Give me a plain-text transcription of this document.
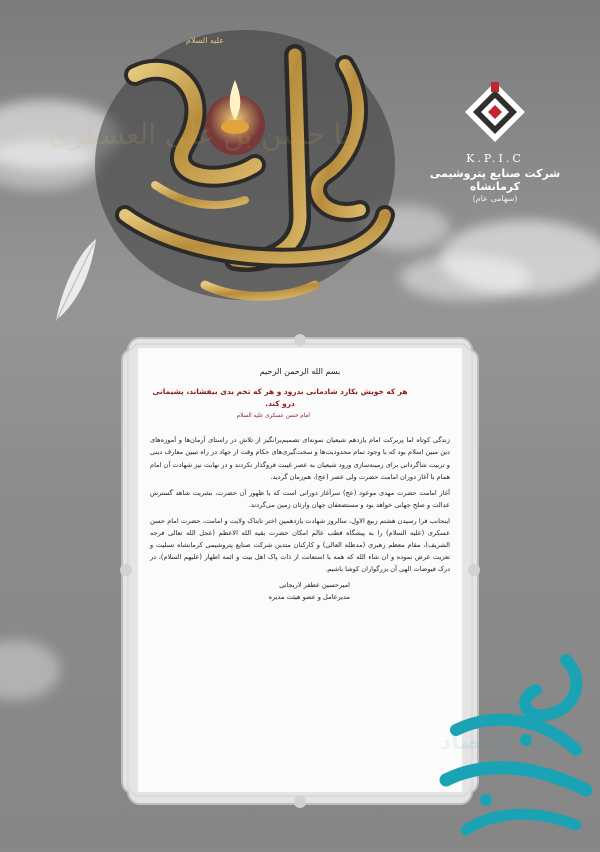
یا حسن بن علی العسکری
علیه السلام
K.P.I.C
شرکت صنایع پتروشیمی کرمانشاه
(سهامی عام)
بسم الله الرحمن الرحیم
هر که خویش بکارد شادمانی بدرود و هر که تخم بدی بیفشاند، پشیمانی درو کند.
امام حسن عسکری علیه السلام

زندگی کوتاه اما پربرکت امام یازدهم شیعیان نمونه‌ای تصمیم‌برانگیز از تلاش در راستای آرمان‌ها و آموزه‌های دین مبین اسلام بود که با وجود تمام محدودیت‌ها و سخت‌گیری‌های حکام وقت از جهاد در راه تبیین معارف دینی و تربیت شاگردانی برای زمینه‌سازی ورود شیعیان به عصر غیبت فروگذار نکردند و در نهایت نیز شهادت آن امام همام با آغاز دوران امامت حضرت ولی عصر (عج)، هم‌زمان گردید.

آغاز امامت حضرت مهدی موعود (عج) سرآغاز دورانی است که با ظهور آن حضرت، بشریت شاهد گسترش عدالت و صلح جهانی خواهد بود و مستضعفان جهان وارثان زمین می‌گردند.

اینجانب فرا رسیدن هشتم ربیع الاول، سالروز شهادت یازدهمین اختر تابناک ولایت و امامت، حضرت امام حسن عسکری (علیه السلام) را به پیشگاه قطب عالم امکان حضرت بقیه الله الاعظم (عجل الله تعالی فرجه الشریف)، مقام معظم رهبری (مدظله العالی) و کارکنان متدین شرکت صنایع پتروشیمی کرمانشاه تسلیت و تعزیت عرض نموده و ان شاء الله که همه با استعانت از ذات پاک اهل بیت و ائمه اطهار (علیهم السلام)، در درک فیوضات الهی آن بزرگواران کوشا باشیم.

امیرحسین عطفر لاریجانی
مدیرعامل و عضو هیئت مدیره
صفحه اقتصاد
